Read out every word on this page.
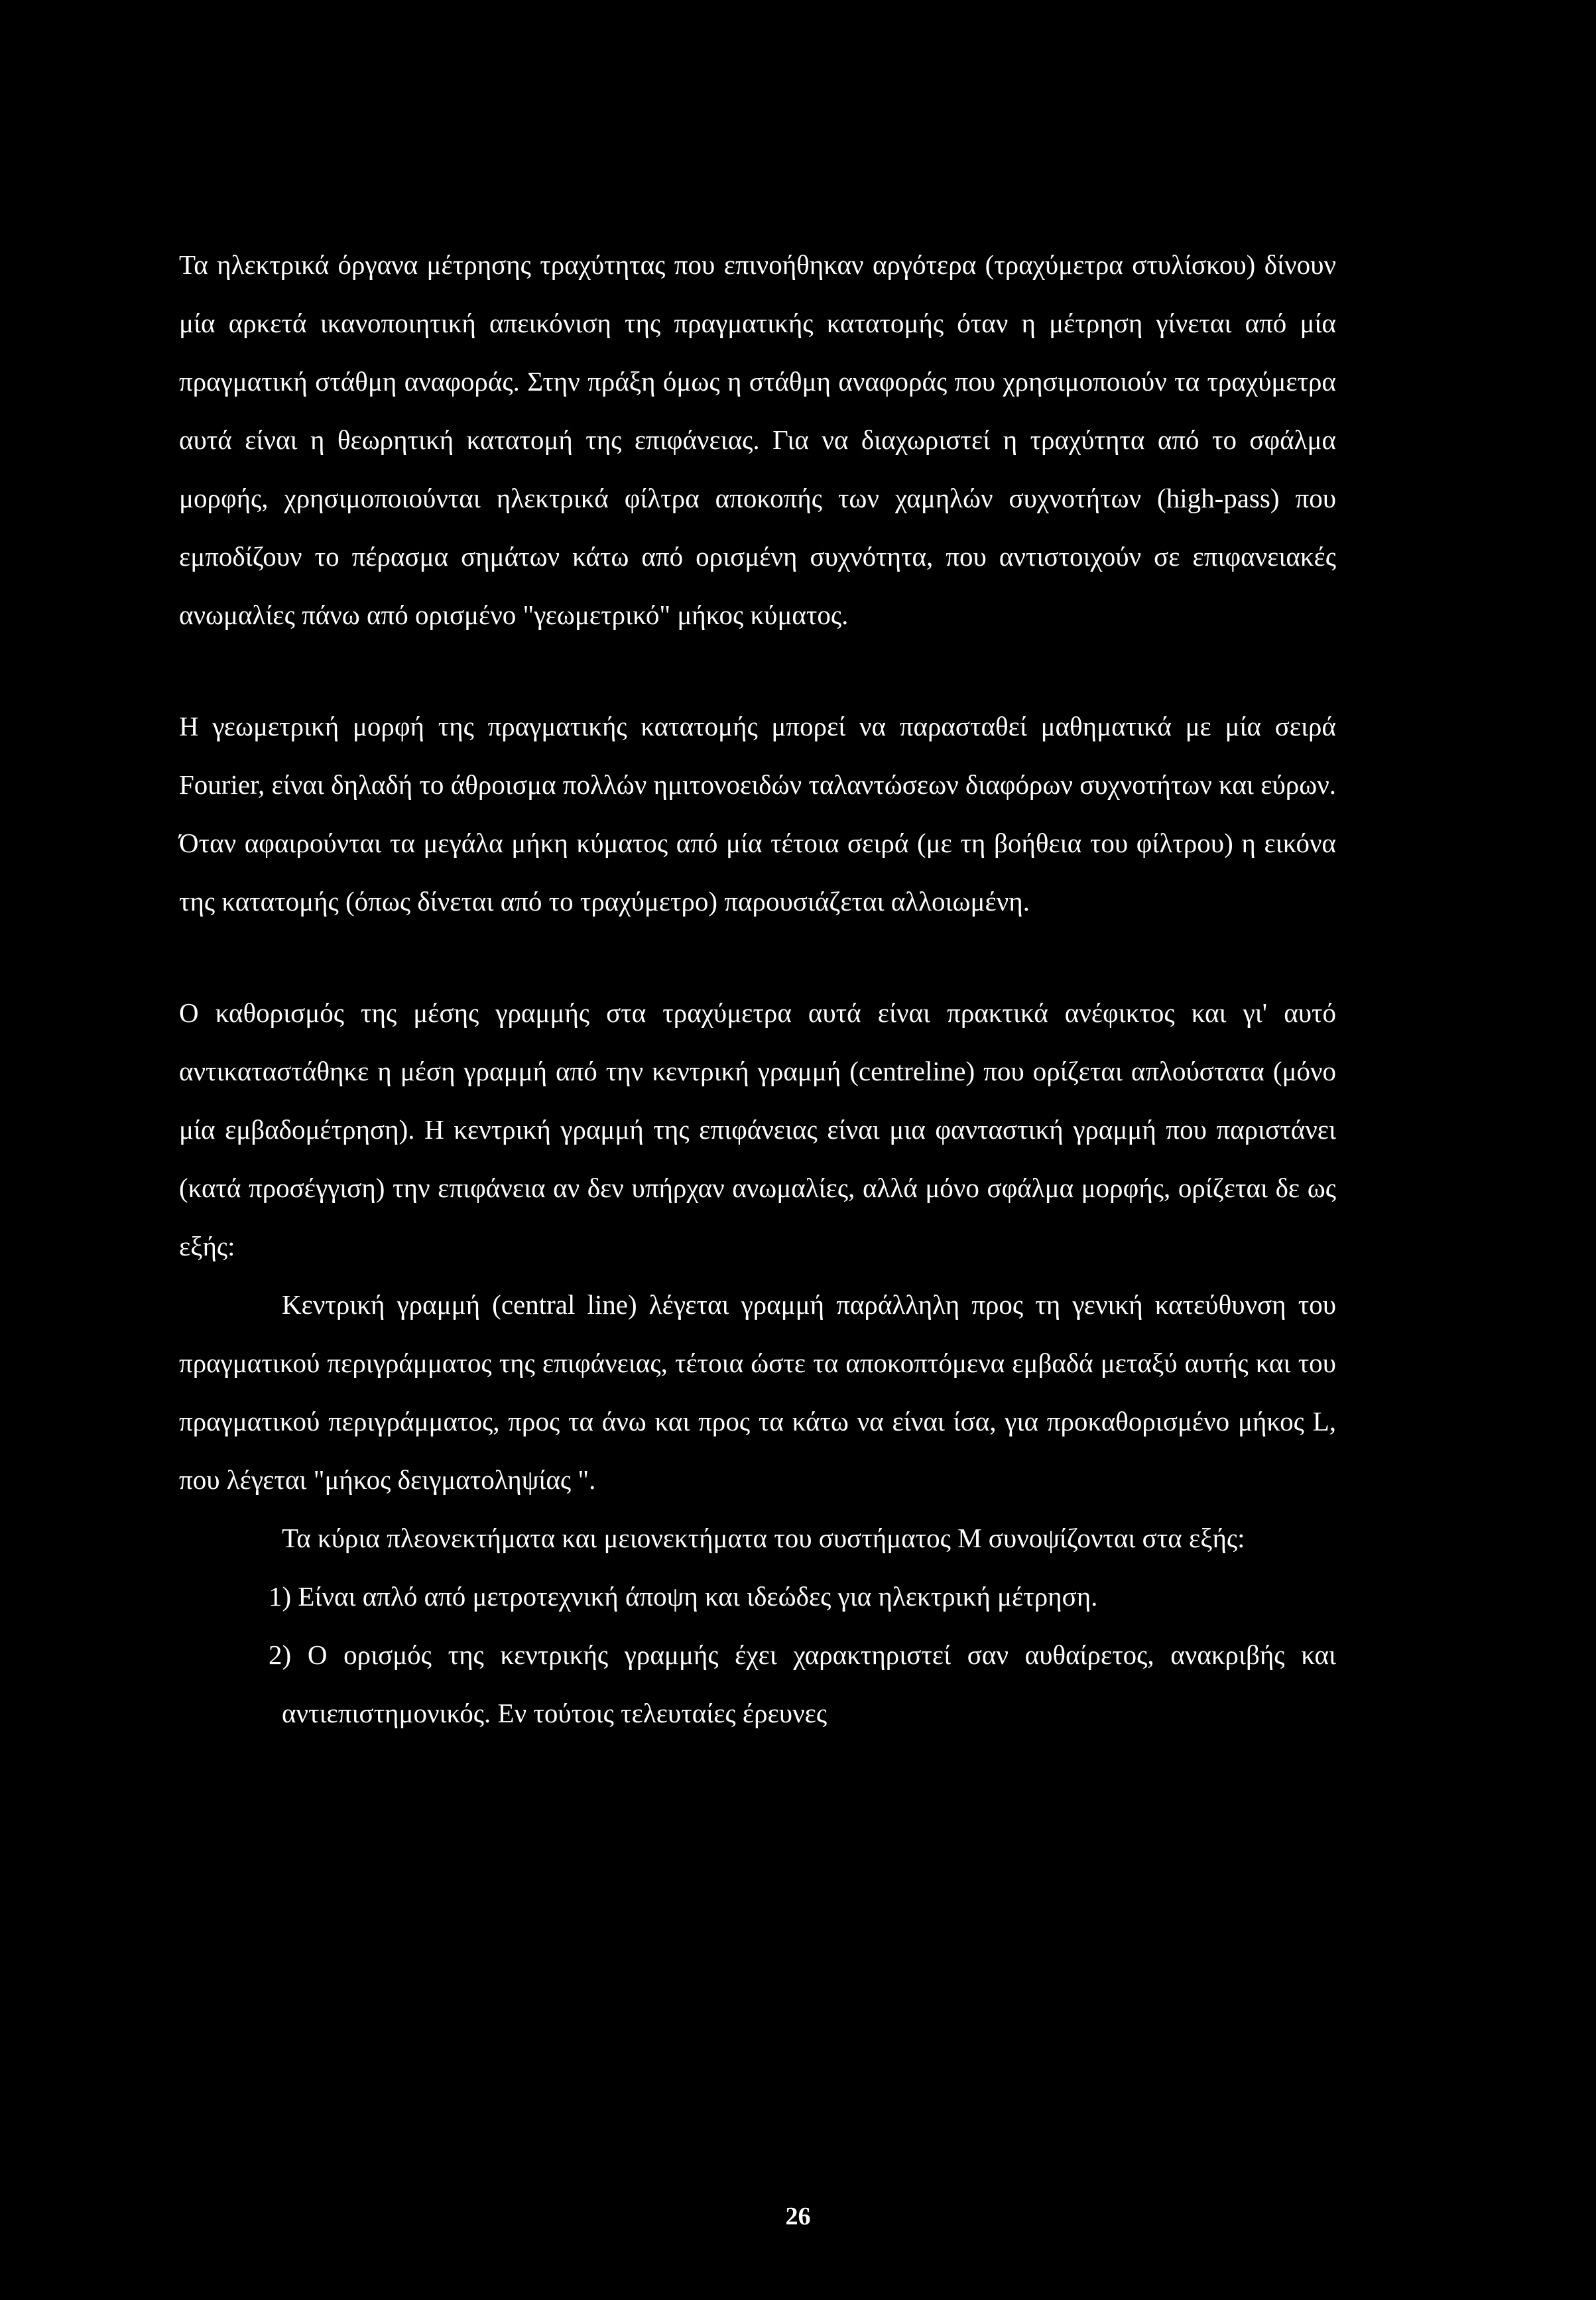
Τα ηλεκτρικά όργανα μέτρησης τραχύτητας που επινοήθηκαν αργότερα (τραχύμετρα στυλίσκου) δίνουν μία αρκετά ικανοποιητική απεικόνιση της πραγματικής κατατομής όταν η μέτρηση γίνεται από μία πραγματική στάθμη αναφοράς. Στην πράξη όμως η στάθμη αναφοράς που χρησιμοποιούν τα τραχύμετρα αυτά είναι η θεωρητική κατατομή της επιφάνειας. Για να διαχωριστεί η τραχύτητα από το σφάλμα μορφής, χρησιμοποιούνται ηλεκτρικά φίλτρα αποκοπής των χαμηλών συχνοτήτων (high-pass) που εμποδίζουν το πέρασμα σημάτων κάτω από ορισμένη συχνότητα, που αντιστοιχούν σε επιφανειακές ανωμαλίες πάνω από ορισμένο "γεωμετρικό" μήκος κύματος.

Η γεωμετρική μορφή της πραγματικής κατατομής μπορεί να παρασταθεί μαθηματικά με μία σειρά Fourier, είναι δηλαδή το άθροισμα πολλών ημιτονοειδών ταλαντώσεων διαφόρων συχνοτήτων και εύρων. Όταν αφαιρούνται τα μεγάλα μήκη κύματος από μία τέτοια σειρά (με τη βοήθεια του φίλτρου) η εικόνα της κατατομής (όπως δίνεται από το τραχύμετρο) παρουσιάζεται αλλοιωμένη.

Ο καθορισμός της μέσης γραμμής στα τραχύμετρα αυτά είναι πρακτικά ανέφικτος και γι' αυτό αντικαταστάθηκε η μέση γραμμή από την κεντρική γραμμή (centreline) που ορίζεται απλούστατα (μόνο μία εμβαδομέτρηση). Η κεντρική γραμμή της επιφάνειας είναι μια φανταστική γραμμή που παριστάνει (κατά προσέγγιση) την επιφάνεια αν δεν υπήρχαν ανωμαλίες, αλλά μόνο σφάλμα μορφής, ορίζεται δε ως εξής:

Κεντρική γραμμή (central line) λέγεται γραμμή παράλληλη προς τη γενική κατεύθυνση του πραγματικού περιγράμματος της επιφάνειας, τέτοια ώστε τα αποκοπτόμενα εμβαδά μεταξύ αυτής και του πραγματικού περιγράμματος, προς τα άνω και προς τα κάτω να είναι ίσα, για προκαθορισμένο μήκος L, που λέγεται "μήκος δειγματοληψίας ".

Τα κύρια πλεονεκτήματα και μειονεκτήματα του συστήματος Μ συνοψίζονται στα εξής:

1) Είναι απλό από μετροτεχνική άποψη και ιδεώδες για ηλεκτρική μέτρηση.

2) Ο ορισμός της κεντρικής γραμμής έχει χαρακτηριστεί σαν αυθαίρετος, ανακριβής και αντιεπιστημονικός. Εν τούτοις τελευταίες έρευνες

26
